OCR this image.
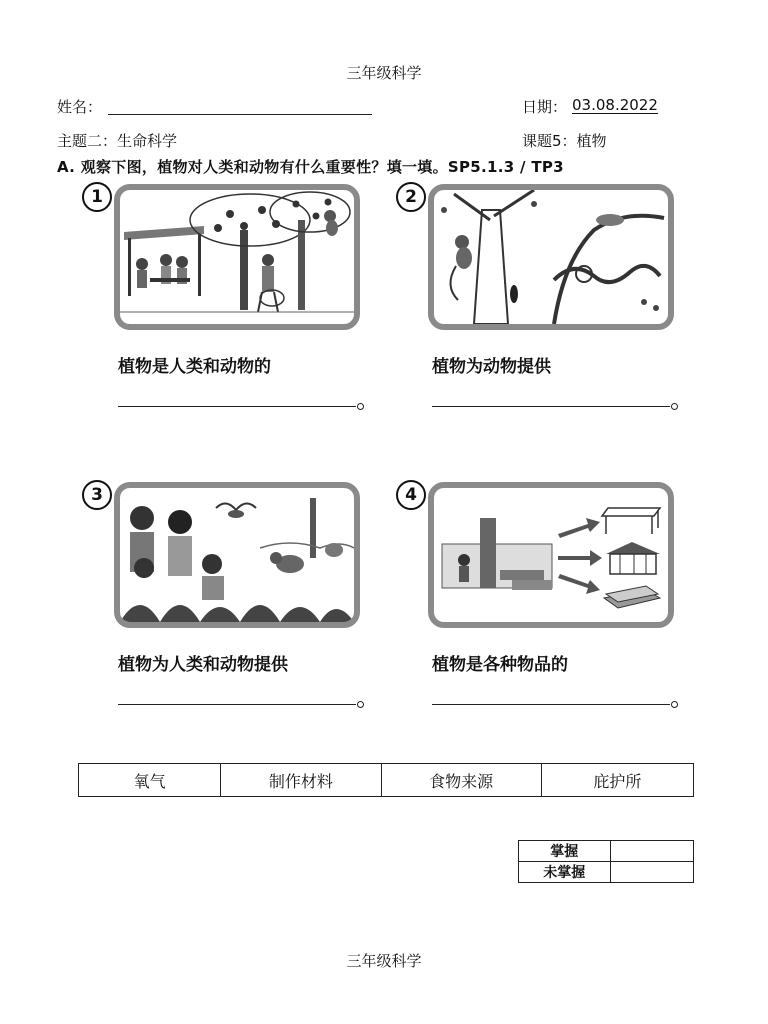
三年级科学
姓名：	日期： 03.08.2022
主题二：生命科学	课题5：植物
A. 观察下图，植物对人类和动物有什么重要性？填一填。SP5.1.3 / TP3
1
植物是人类和动物的
2
植物为动物提供
3
植物为人类和动物提供
4
植物是各种物品的
氧气	制作材料	食物来源	庇护所
掌握	
未掌握	
三年级科学
